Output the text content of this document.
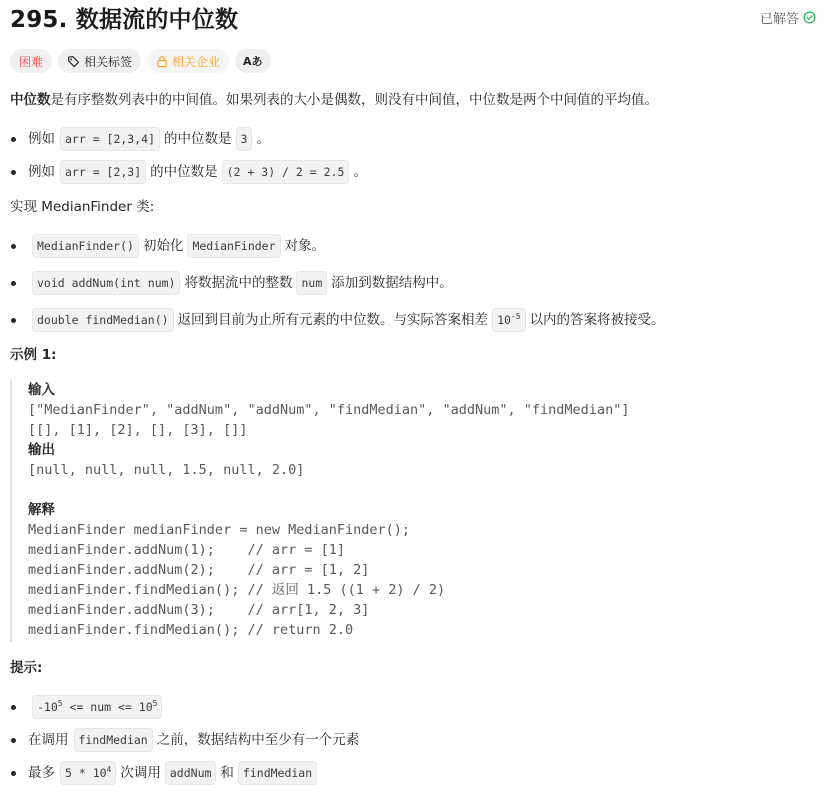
295. 数据流的中位数	已解答
困难	相关标签	相关企业 Aあ
中位数是有序整数列表中的中间值。如果列表的大小是偶数，则没有中间值，中位数是两个中间值的平均值。
例如 arr = [2,3,4] 的中位数是 3 。
例如 arr = [2,3] 的中位数是 (2 + 3) / 2 = 2.5 。
实现 MedianFinder 类:
MedianFinder() 初始化 MedianFinder 对象。
void addNum(int num) 将数据流中的整数 num 添加到数据结构中。
double findMedian() 返回到目前为止所有元素的中位数。与实际答案相差 $10^{-5}$ 以内的答案将被接受。
示例 1:
输入
["MedianFinder", "addNum", "addNum", "findMedian", "addNum", "findMedian"]
[[], [1], [2], [], [3], []]
输出
[null, null, null, 1.5, null, 2.0]

解释
MedianFinder medianFinder = new MedianFinder();
medianFinder.addNum(1);    // arr = [1]
medianFinder.addNum(2);    // arr = [1, 2]
medianFinder.findMedian(); // 返回 1.5 ((1 + 2) / 2)
medianFinder.addNum(3);    // arr[1, 2, 3]
medianFinder.findMedian(); // return 2.0
提示:
$-10^5$ <= num <= $10^5$
在调用 findMedian 之前，数据结构中至少有一个元素
最多 $5 * 10^4$ 次调用 addNum 和 findMedian
